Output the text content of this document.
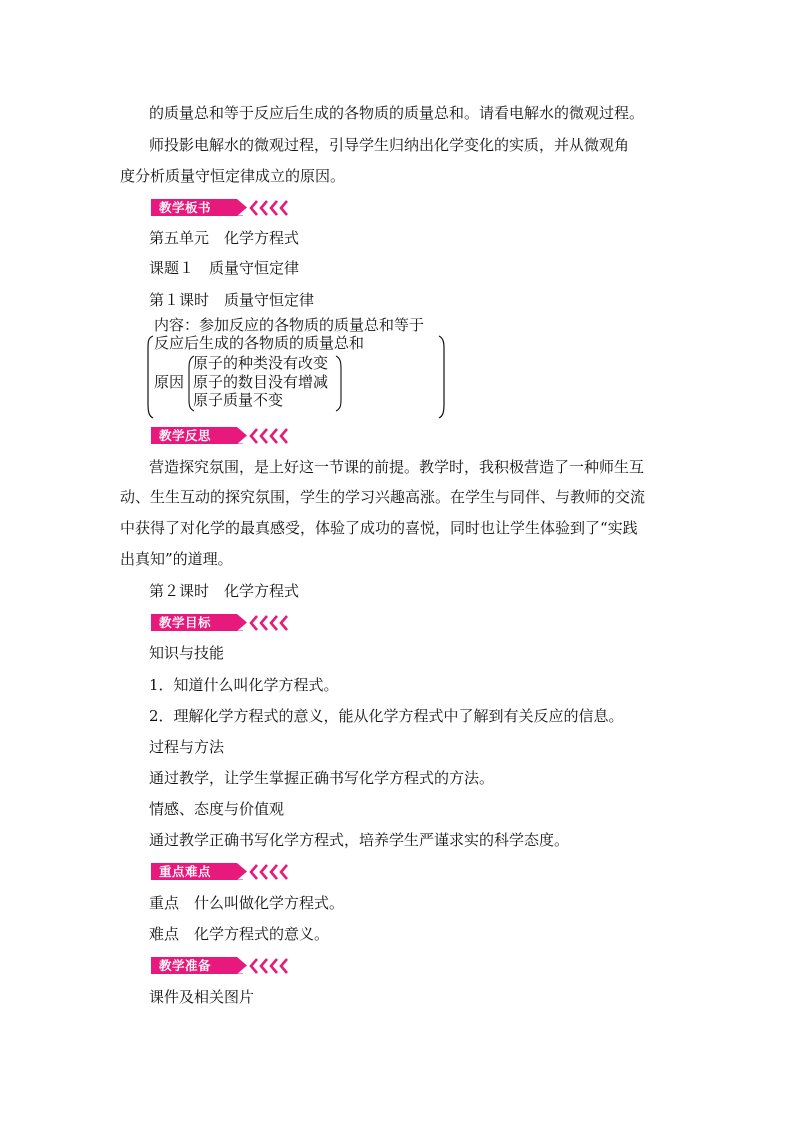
的质量总和等于反应后生成的各物质的质量总和。请看电解水的微观过程。
师投影电解水的微观过程，引导学生归纳出化学变化的实质，并从微观角
度分析质量守恒定律成立的原因。
教学板书
第五单元　化学方程式
课题１　质量守恒定律
第１课时　质量守恒定律
内容：参加反应的各物质的质量总和等于
反应后生成的各物质的质量总和
原因
原子的种类没有改变
原子的数目没有增减
原子质量不变
教学反思
营造探究氛围，是上好这一节课的前提。教学时，我积极营造了一种师生互
动、生生互动的探究氛围，学生的学习兴趣高涨。在学生与同伴、与教师的交流
中获得了对化学的最真感受，体验了成功的喜悦，同时也让学生体验到了“实践
出真知”的道理。
第２课时　化学方程式
教学目标
知识与技能
1．知道什么叫化学方程式。
2．理解化学方程式的意义，能从化学方程式中了解到有关反应的信息。
过程与方法
通过教学，让学生掌握正确书写化学方程式的方法。
情感、态度与价值观
通过教学正确书写化学方程式，培养学生严谨求实的科学态度。
重点难点
重点　什么叫做化学方程式。
难点　化学方程式的意义。
教学准备
课件及相关图片
